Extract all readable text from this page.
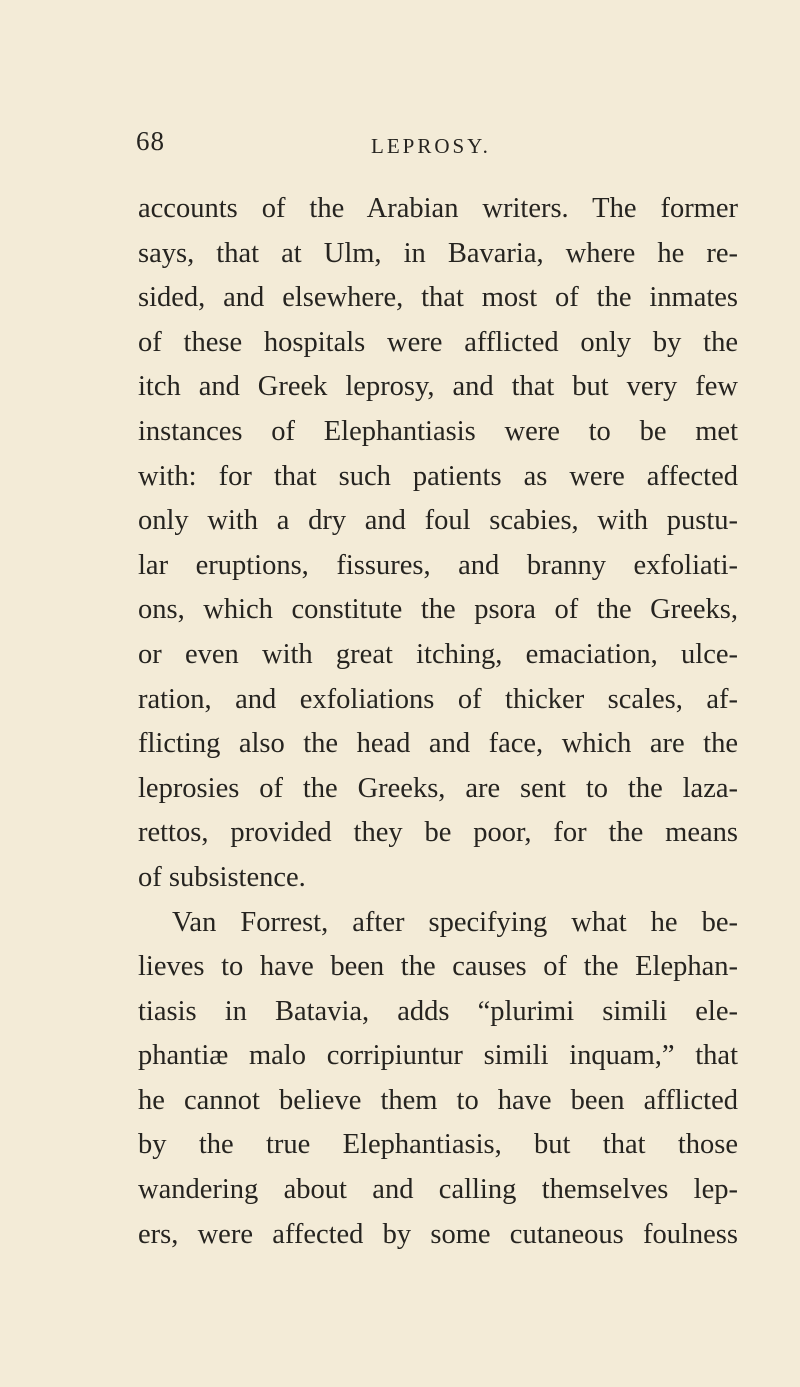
68	LEPROSY.
accounts of the Arabian writers. The former
says, that at Ulm, in Bavaria, where he re-
sided, and elsewhere, that most of the inmates
of these hospitals were afflicted only by the
itch and Greek leprosy, and that but very few
instances of Elephantiasis were to be met
with: for that such patients as were affected
only with a dry and foul scabies, with pustu-
lar eruptions, fissures, and branny exfoliati-
ons, which constitute the psora of the Greeks,
or even with great itching, emaciation, ulce-
ration, and exfoliations of thicker scales, af-
flicting also the head and face, which are the
leprosies of the Greeks, are sent to the laza-
rettos, provided they be poor, for the means
of subsistence.
Van Forrest, after specifying what he be-
lieves to have been the causes of the Elephan-
tiasis in Batavia, adds “plurimi simili ele-
phantiæ malo corripiuntur simili inquam,” that
he cannot believe them to have been afflicted
by the true Elephantiasis, but that those
wandering about and calling themselves lep-
ers, were affected by some cutaneous foulness
